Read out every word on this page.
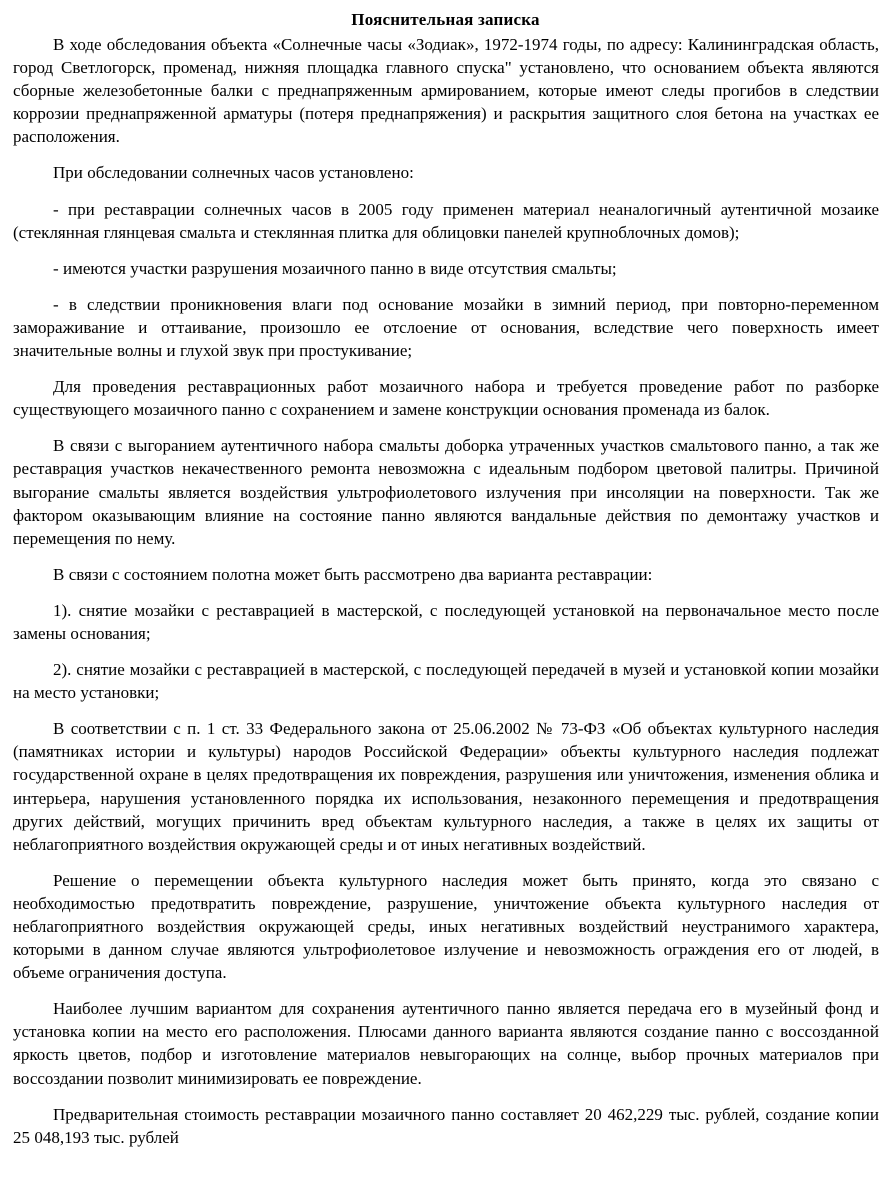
Пояснительная записка

В ходе обследования объекта «Солнечные часы «Зодиак», 1972-1974 годы, по адресу: Калининградская область, город Светлогорск, променад, нижняя площадка главного спуска" установлено, что основанием объекта являются сборные железобетонные балки с преднапряженным армированием, которые имеют следы прогибов в следствии коррозии преднапряженной арматуры (потеря преднапряжения) и раскрытия защитного слоя бетона на участках ее расположения.

При обследовании солнечных часов установлено:

- при реставрации солнечных часов в 2005 году применен материал неаналогичный аутентичной мозаике (стеклянная глянцевая смальта и стеклянная плитка для облицовки панелей крупноблочных домов);

- имеются участки разрушения мозаичного панно в виде отсутствия смальты;

- в следствии проникновения влаги под основание мозайки в зимний период, при повторно-переменном замораживание и оттаивание, произошло ее отслоение от основания, вследствие чего поверхность имеет значительные волны и глухой звук при простукивание;

Для проведения реставрационных работ мозаичного набора и требуется проведение работ по разборке существующего мозаичного панно с сохранением и замене конструкции основания променада из балок.

В связи с выгоранием аутентичного набора смальты доборка утраченных участков смальтового панно, а так же реставрация участков некачественного ремонта невозможна с идеальным подбором цветовой палитры. Причиной выгорание смальты является воздействия ультрофиолетового излучения при инсоляции на поверхности. Так же фактором оказывающим влияние на состояние панно являются вандальные действия по демонтажу участков и перемещения по нему.

В связи с состоянием полотна может быть рассмотрено два варианта реставрации:

1). снятие мозайки с реставрацией в мастерской, с последующей установкой на первоначальное место после замены основания;

2). снятие мозайки с реставрацией в мастерской, с последующей передачей в музей и установкой копии мозайки на место установки;

В соответствии с п. 1 ст. 33 Федерального закона от 25.06.2002 № 73-ФЗ «Об объектах культурного наследия (памятниках истории и культуры) народов Российской Федерации» объекты культурного наследия подлежат государственной охране в целях предотвращения их повреждения, разрушения или уничтожения, изменения облика и интерьера, нарушения установленного порядка их использования, незаконного перемещения и предотвращения других действий, могущих причинить вред объектам культурного наследия, а также в целях их защиты от неблагоприятного воздействия окружающей среды и от иных негативных воздействий.

Решение о перемещении объекта культурного наследия может быть принято, когда это связано с необходимостью предотвратить повреждение, разрушение, уничтожение объекта культурного наследия от неблагоприятного воздействия окружающей среды, иных негативных воздействий неустранимого характера, которыми в данном случае являются ультрофиолетовое излучение и невозможность ограждения его от людей, в объеме ограничения доступа.

Наиболее лучшим вариантом для сохранения аутентичного панно является передача его в музейный фонд и установка копии на место его расположения. Плюсами данного варианта являются создание панно с воссозданной яркость цветов, подбор и изготовление материалов невыгорающих на солнце, выбор прочных материалов при воссоздании позволит минимизировать ее повреждение.

Предварительная стоимость реставрации мозаичного панно составляет 20 462,229 тыс. рублей, создание копии 25 048,193 тыс. рублей
